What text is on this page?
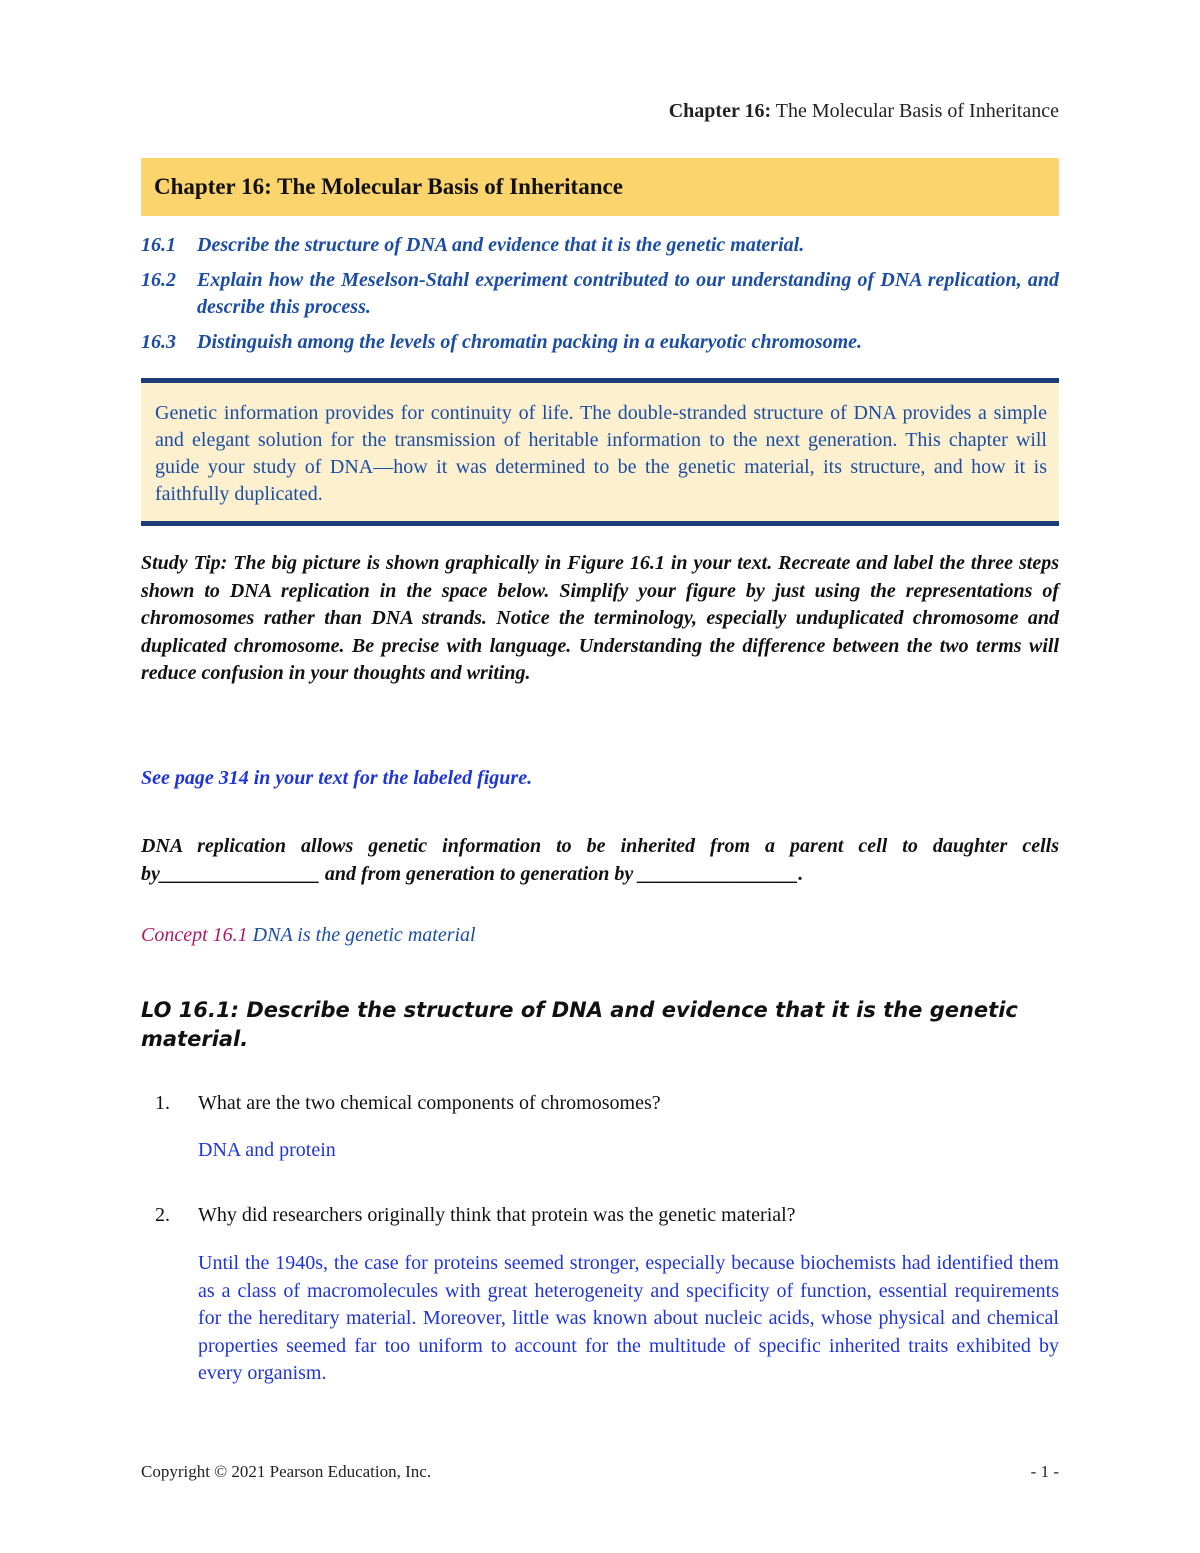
Chapter 16: The Molecular Basis of Inheritance
Chapter 16: The Molecular Basis of Inheritance
16.1	Describe the structure of DNA and evidence that it is the genetic material.
16.2	Explain how the Meselson-Stahl experiment contributed to our understanding of DNA replication, and describe this process.
16.3	Distinguish among the levels of chromatin packing in a eukaryotic chromosome.
Genetic information provides for continuity of life. The double-stranded structure of DNA provides a simple and elegant solution for the transmission of heritable information to the next generation. This chapter will guide your study of DNA—how it was determined to be the genetic material, its structure, and how it is faithfully duplicated.
Study Tip: The big picture is shown graphically in Figure 16.1 in your text. Recreate and label the three steps shown to DNA replication in the space below. Simplify your figure by just using the representations of chromosomes rather than DNA strands. Notice the terminology, especially unduplicated chromosome and duplicated chromosome. Be precise with language. Understanding the difference between the two terms will reduce confusion in your thoughts and writing.
See page 314 in your text for the labeled figure.
DNA replication allows genetic information to be inherited from a parent cell to daughter cells by________________ and from generation to generation by ________________.
Concept 16.1 DNA is the genetic material
LO 16.1: Describe the structure of DNA and evidence that it is the genetic material.
1.	What are the two chemical components of chromosomes?
DNA and protein
2.	Why did researchers originally think that protein was the genetic material?
Until the 1940s, the case for proteins seemed stronger, especially because biochemists had identified them as a class of macromolecules with great heterogeneity and specificity of function, essential requirements for the hereditary material. Moreover, little was known about nucleic acids, whose physical and chemical properties seemed far too uniform to account for the multitude of specific inherited traits exhibited by every organism.
Copyright © 2021 Pearson Education, Inc.	- 1 -
